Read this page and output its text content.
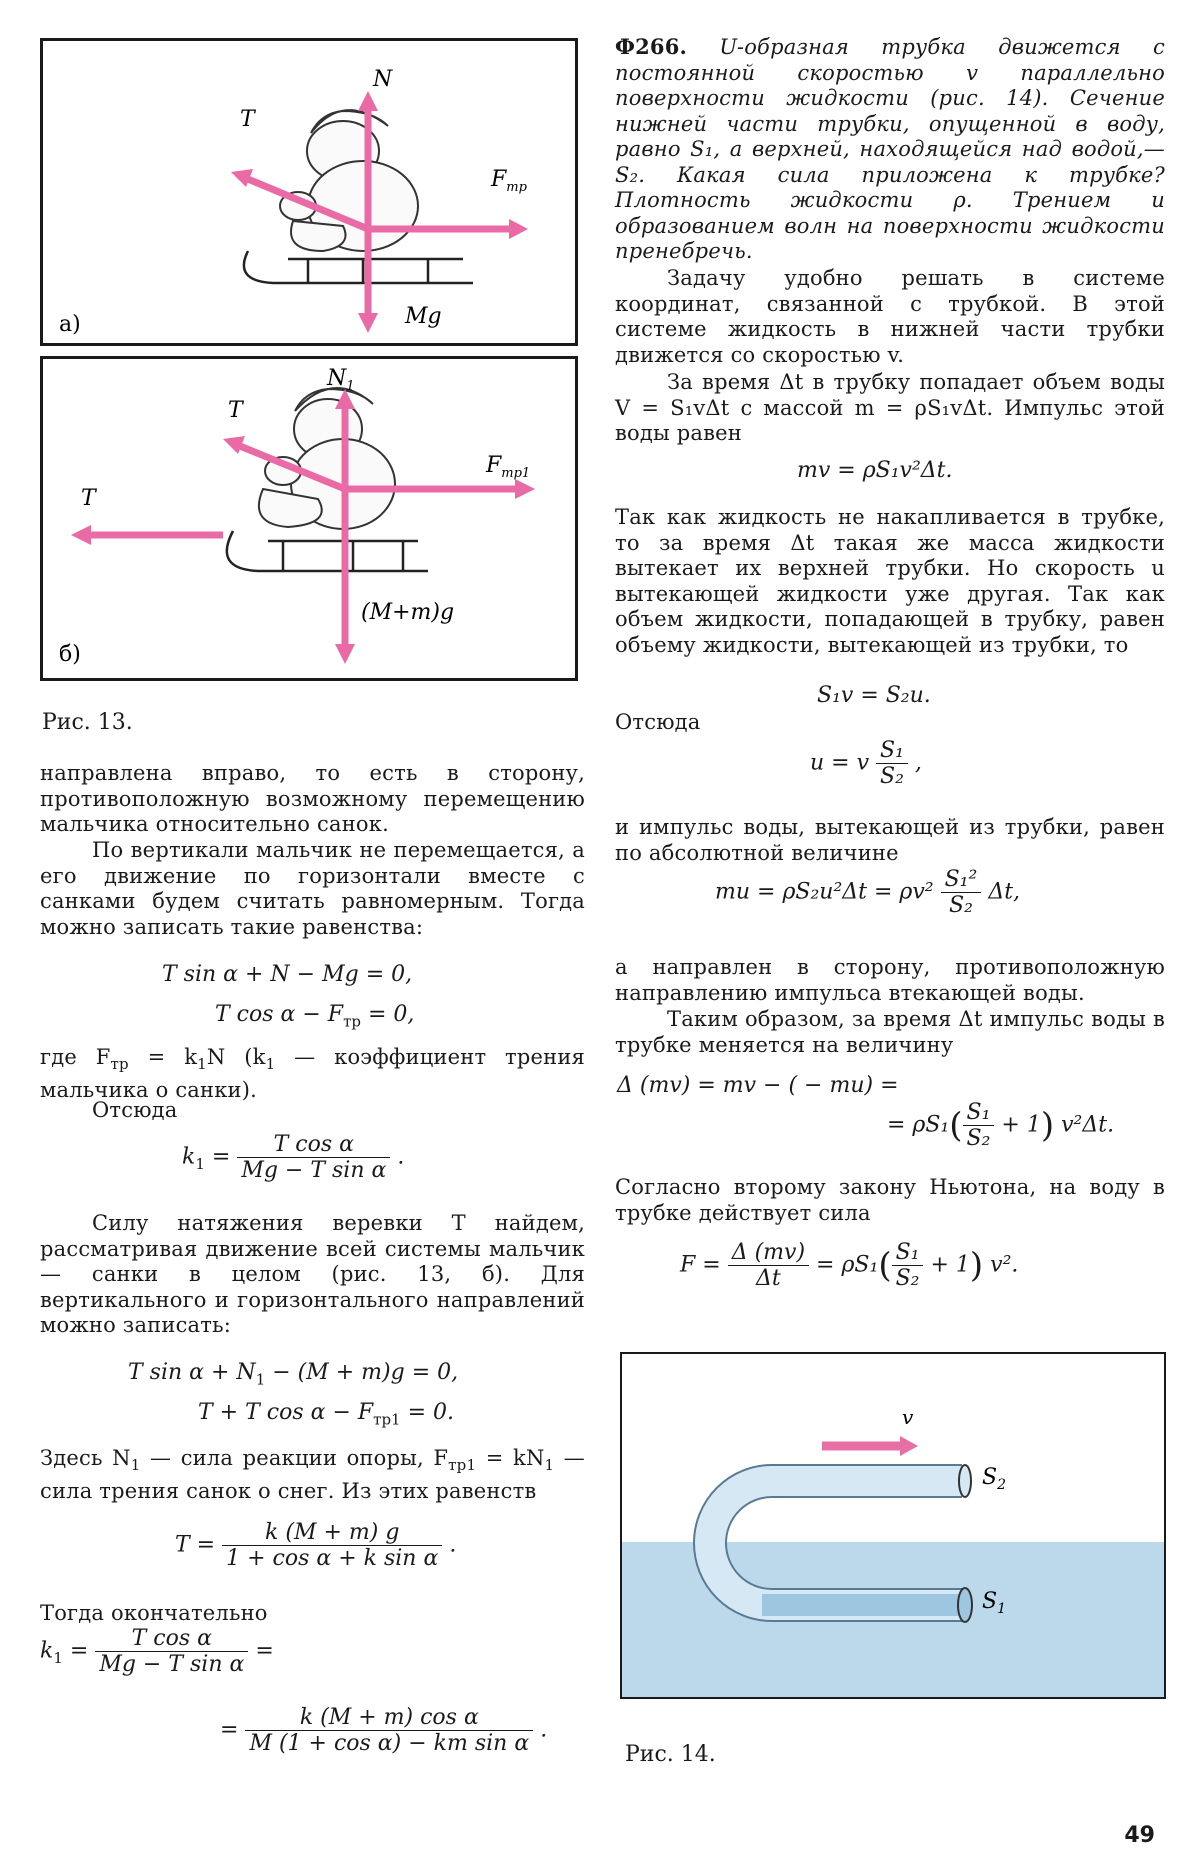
N
T
$F_{тр}$
Mg
а)
$N_1$
T
T
$F_{тр1}$
(M+m)g
б)
Рис. 13.
направлена вправо, то есть в сторону, противоположную возможному перемещению мальчика относительно санок.
По вертикали мальчик не перемещается, а его движение по горизонтали вместе с санками будем считать равномерным. Тогда можно записать такие равенства:
T sin α + N − Mg = 0,
T $\cos \alpha - F_{тр} = 0$,
где $F_{тр} = k_1N$ ($k_1$ — коэффициент трения мальчика о санки).
Отсюда
$k_1 = \frac{\text{T cos α}}{\text{Mg − T sin α}}$ .
Силу натяжения веревки T найдем, рассматривая движение всей системы мальчик — санки в целом (рис. 13, б). Для вертикального и горизонтального направлений можно записать:
T $\sin \alpha + N_1 - (M + m)g = 0$,
T + T $\cos \alpha - F_{тр1} = 0$.
Здесь $N_1$ — сила реакции опоры, $F_{тр1} = kN_1$ — сила трения санок о снег. Из этих равенств
$T = \frac{k (M + m) g}{\text{1 + cos α + k sin α}}$ .
Тогда окончательно
$k_1 = \frac{\text{T cos α}}{\text{Mg − T sin α}}$ =
= $\frac{\text{k (M + m) cos α}}{\text{M (1 + cos α) − km sin α}}$ .
Ф266. U-образная трубка движется с постоянной скоростью v параллельно поверхности жидкости (рис. 14). Сечение нижней части трубки, опущенной в воду, равно S₁, а верхней, находящейся над водой,— S₂. Какая сила приложена к трубке? Плотность жидкости ρ. Трением и образованием волн на поверхности жидкости пренебречь.
Задачу удобно решать в системе координат, связанной с трубкой. В этой системе жидкость в нижней части трубки движется со скоростью v.
За время Δt в трубку попадает объем воды V = S₁vΔt с массой m = ρS₁vΔt. Импульс этой воды равен
mv = ρS₁v²Δt.
Так как жидкость не накапливается в трубке, то за время Δt такая же масса жидкости вытекает их верхней трубки. Но скорость u вытекающей жидкости уже другая. Так как объем жидкости, попадающей в трубку, равен объему жидкости, вытекающей из трубки, то
S₁v = S₂u.
Отсюда
u = v $\frac{\text{S₁}}{\text{S₂}}$ ,
и импульс воды, вытекающей из трубки, равен по абсолютной величине
mu = $\rho S_2u^2\Delta t = \rho v^2 \frac{\text{S₁²}}{\text{S₂}} \Delta t$,
а направлен в сторону, противоположную направлению импульса втекающей воды.
Таким образом, за время Δt импульс воды в трубке меняется на величину
Δ (mv) = mv − ( − mu) =
= $\rho S_1( \frac{\text{S₁}}{\text{S₂}} + 1)$ v²Δt.
Согласно второму закону Ньютона, на воду в трубке действует сила
$F = \frac{\Delta (mv)}{\Delta t} = \rho S_1( \frac{\text{S₁}}{\text{S₂}} + 1)$ v².
v
$S_2$
$S_1$
Рис. 14.
49
